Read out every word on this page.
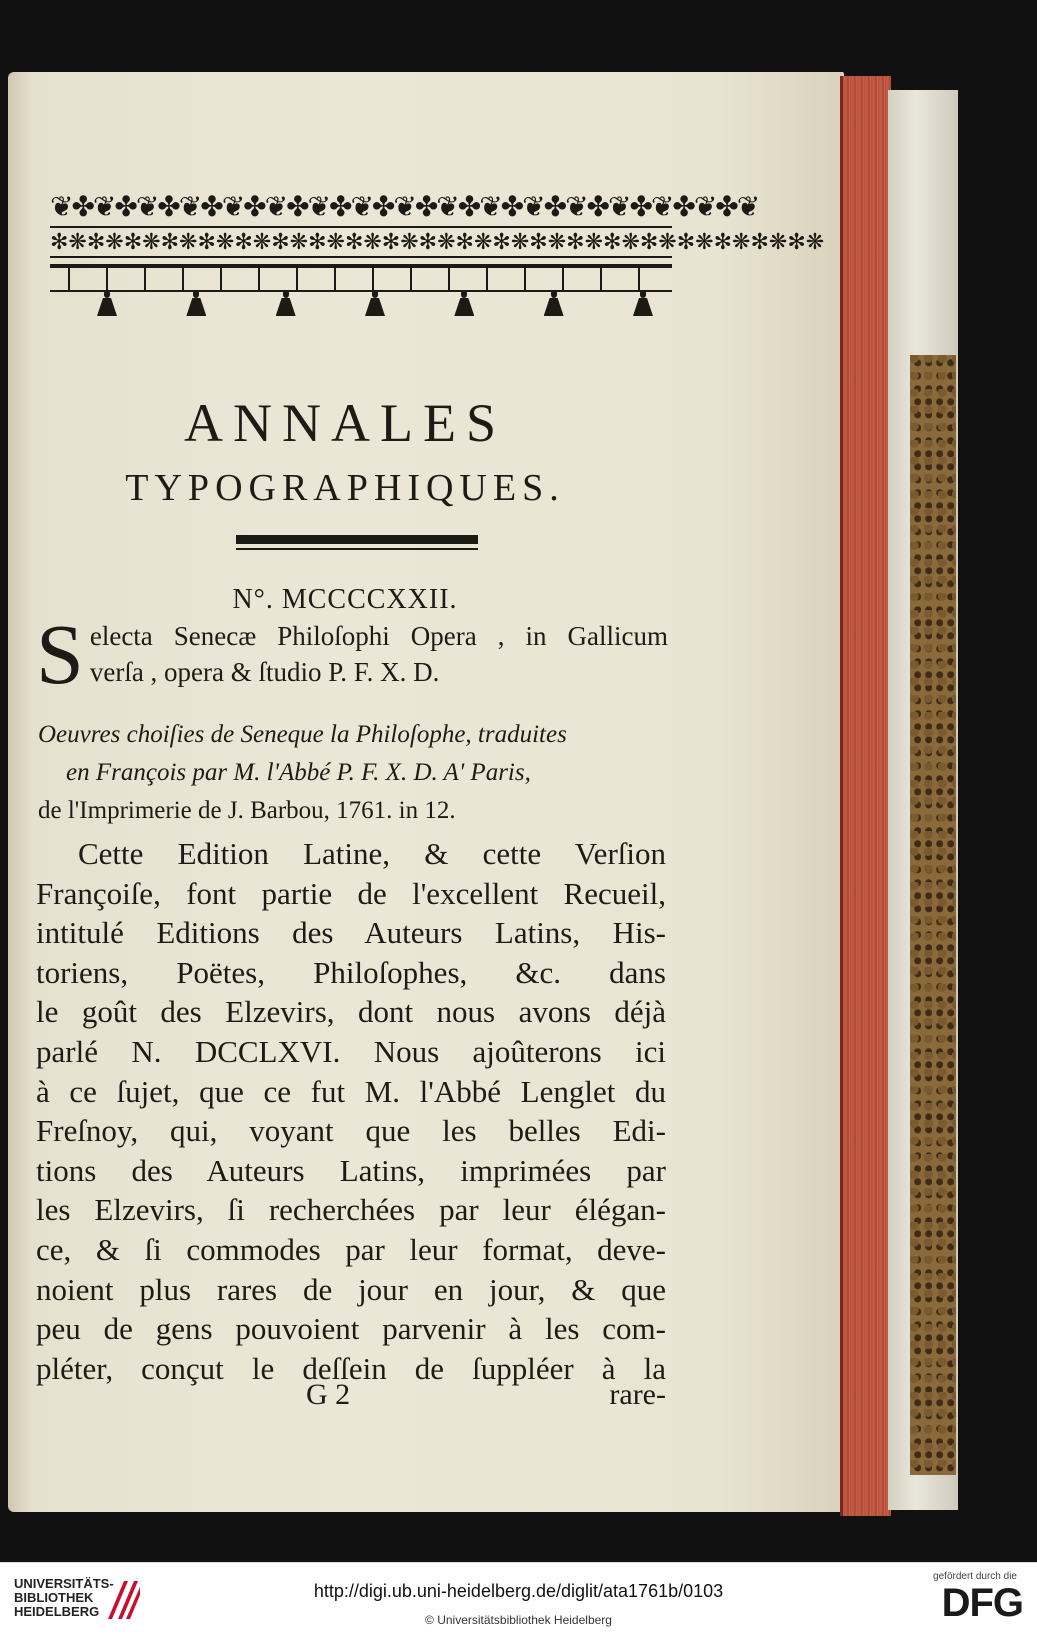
❦✤❦✤❦✤❦✤❦✤❦✤❦✤❦✤❦✤❦✤❦✤❦✤❦✤❦✤❦✤❦✤❦
✻❋✻❋✻❋✻❋✻❋✻❋✻❋✻❋✻❋✻❋✻❋✻❋✻❋✻❋✻❋✻❋✻❋✻❋✻❋✻❋✻❋
ANNALES
TYPOGRAPHIQUES.
N°. MCCCCXXII.
S electa Senecæ Philoſophi Opera , in Gallicum
verſa , opera & ſtudio P. F. X. D.
Oeuvres choiſies de Seneque la Philoſophe, traduites
en François par M. l'Abbé P. F. X. D. A' Paris,
de l'Imprimerie de J. Barbou, 1761. in 12.
Cette Edition Latine, & cette Verſion
Françoiſe, font partie de l'excellent Recueil,
intitulé Editions des Auteurs Latins, His-
toriens, Poëtes, Philoſophes, &c. dans
le goût des Elzevirs, dont nous avons déjà
parlé N. DCCLXVI. Nous ajoûterons ici
à ce ſujet, que ce fut M. l'Abbé Lenglet du
Freſnoy, qui, voyant que les belles Edi-
tions des Auteurs Latins, imprimées par
les Elzevirs, ſi recherchées par leur élégan-
ce, & ſi commodes par leur format, deve-
noient plus rares de jour en jour, & que
peu de gens pouvoient parvenir à les com-
pléter, conçut le deſſein de ſuppléer à la
G 2	rare-
UNIVERSITÄTS-
BIBLIOTHEK
HEIDELBERG
http://digi.ub.uni-heidelberg.de/diglit/ata1761b/0103
© Universitätsbibliothek Heidelberg
gefördert durch die
DFG
